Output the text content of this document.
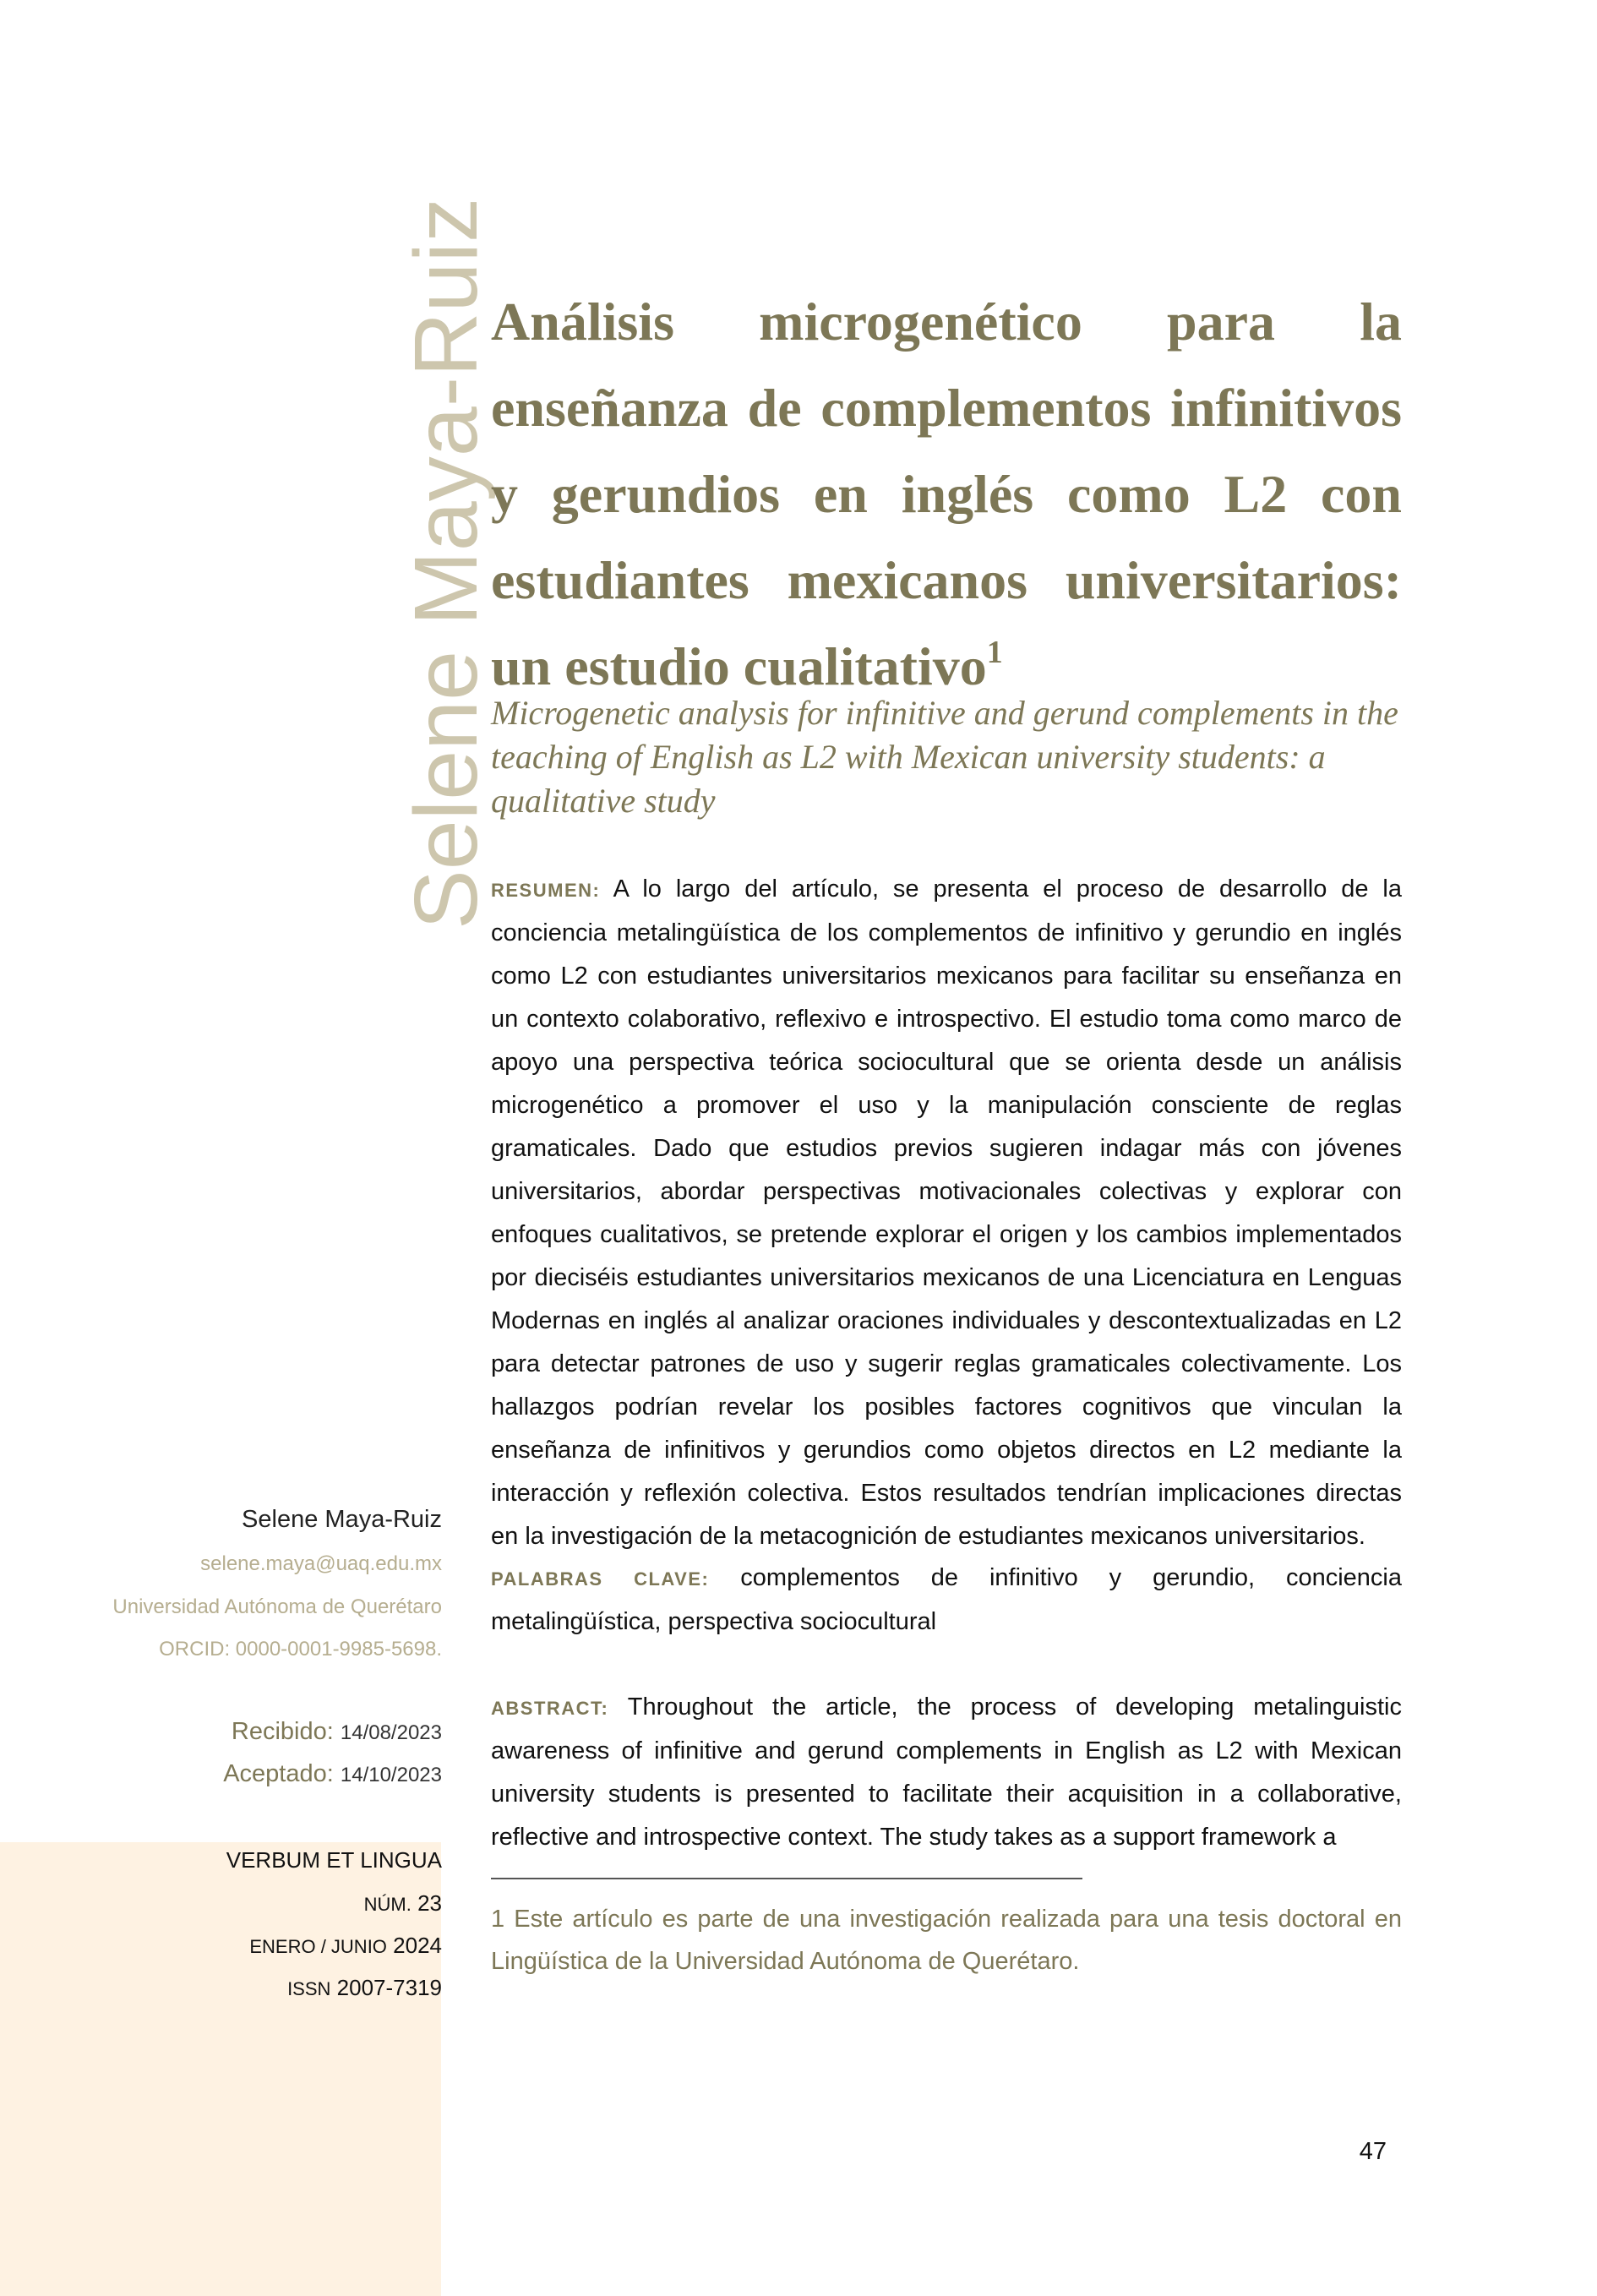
Selene Maya-Ruiz
Análisis microgenético para la enseñanza de complementos infinitivos y gerundios en inglés como L2 con estudiantes mexicanos universitarios: un estudio cualitativo$^1$

Microgenetic analysis for infinitive and gerund complements in the teaching of English as L2 with Mexican university students: a qualitative study

RESUMEN: A lo largo del artículo, se presenta el proceso de desarrollo de la conciencia metalingüística de los complementos de infinitivo y gerundio en inglés como L2 con estudiantes universitarios mexicanos para facilitar su enseñanza en un contexto colaborativo, reflexivo e introspectivo. El estudio toma como marco de apoyo una perspectiva teórica sociocultural que se orienta desde un análisis microgenético a promover el uso y la manipulación consciente de reglas gramaticales. Dado que estudios previos sugieren indagar más con jóvenes universitarios, abordar perspectivas motivacionales colectivas y explorar con enfoques cualitativos, se pretende explorar el origen y los cambios implementados por dieciséis estudiantes universitarios mexicanos de una Licenciatura en Lenguas Modernas en inglés al analizar oraciones individuales y descontextualizadas en L2 para detectar patrones de uso y sugerir reglas gramaticales colectivamente. Los hallazgos podrían revelar los posibles factores cognitivos que vinculan la enseñanza de infinitivos y gerundios como objetos directos en L2 mediante la interacción y reflexión colectiva. Estos resultados tendrían implicaciones directas en la investigación de la metacognición de estudiantes mexicanos universitarios.

PALABRAS CLAVE: complementos de infinitivo y gerundio, conciencia metalingüística, perspectiva sociocultural

ABSTRACT: Throughout the article, the process of developing metalinguistic awareness of infinitive and gerund complements in English as L2 with Mexican university students is presented to facilitate their acquisition in a collaborative, reflective and introspective context. The study takes as a support framework a

1 Este artículo es parte de una investigación realizada para una tesis doctoral en Lingüística de la Universidad Autónoma de Querétaro.

Selene Maya-Ruiz
selene.maya@uaq.edu.mx
Universidad Autónoma de Querétaro
ORCID: 0000-0001-9985-5698.
Recibido: 14/08/2023
Aceptado: 14/10/2023
VERBUM ET LINGUA
NÚM. 23
ENERO / JUNIO 2024
ISSN 2007-7319
47
